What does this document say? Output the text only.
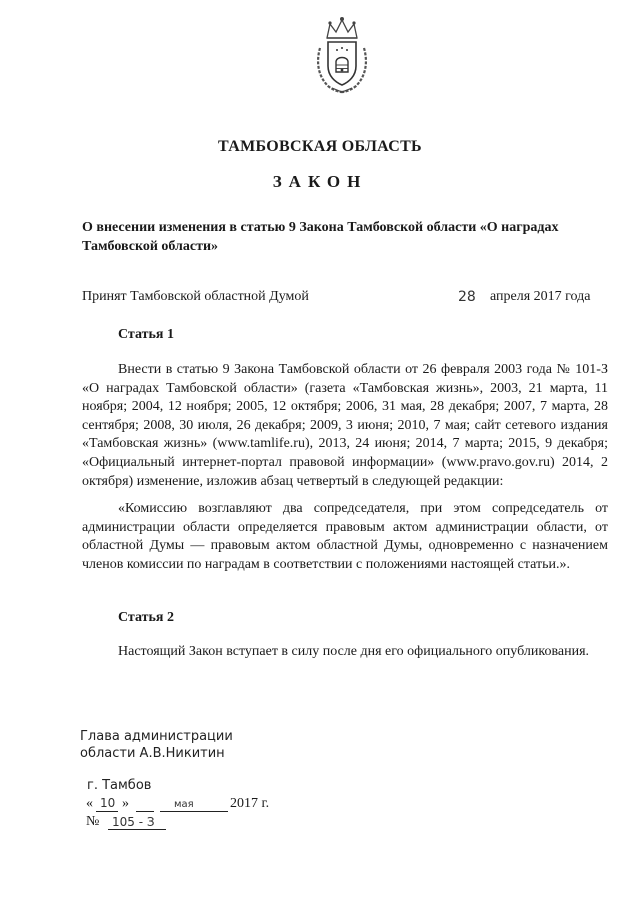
ТАМБОВСКАЯ ОБЛАСТЬ
ЗАКОН
О внесении изменения в статью 9 Закона Тамбовской области «О наградах Тамбовской области»
Принят Тамбовской областной Думой	28 апреля 2017 года
Статья 1
Внести в статью 9 Закона Тамбовской области от 26 февраля 2003 года № 101-З «О наградах Тамбовской области» (газета «Тамбовская жизнь», 2003, 21 марта, 11 ноября; 2004, 12 ноября; 2005, 12 октября; 2006, 31 мая, 28 декабря; 2007, 7 марта, 28 сентября; 2008, 30 июля, 26 декабря; 2009, 3 июня; 2010, 7 мая; сайт сетевого издания «Тамбовская жизнь» (www.tamlife.ru), 2013, 24 июня; 2014, 7 марта; 2015, 9 декабря; «Официальный интернет-портал правовой информации» (www.pravo.gov.ru) 2014, 2 октября) изменение, изложив абзац четвертый в следующей редакции:
«Комиссию возглавляют два сопредседателя, при этом сопредседатель от администрации области определяется правовым актом администрации области, от областной Думы — правовым актом областной Думы, одновременно с назначением членов комиссии по наградам в соответствии с положениями настоящей статьи.».
Статья 2
Настоящий Закон вступает в силу после дня его официального опубликования.
Глава администрации
области А.В.Никитин
г. Тамбов
« 10 »	мая	2017 г.
№ 105 - З
